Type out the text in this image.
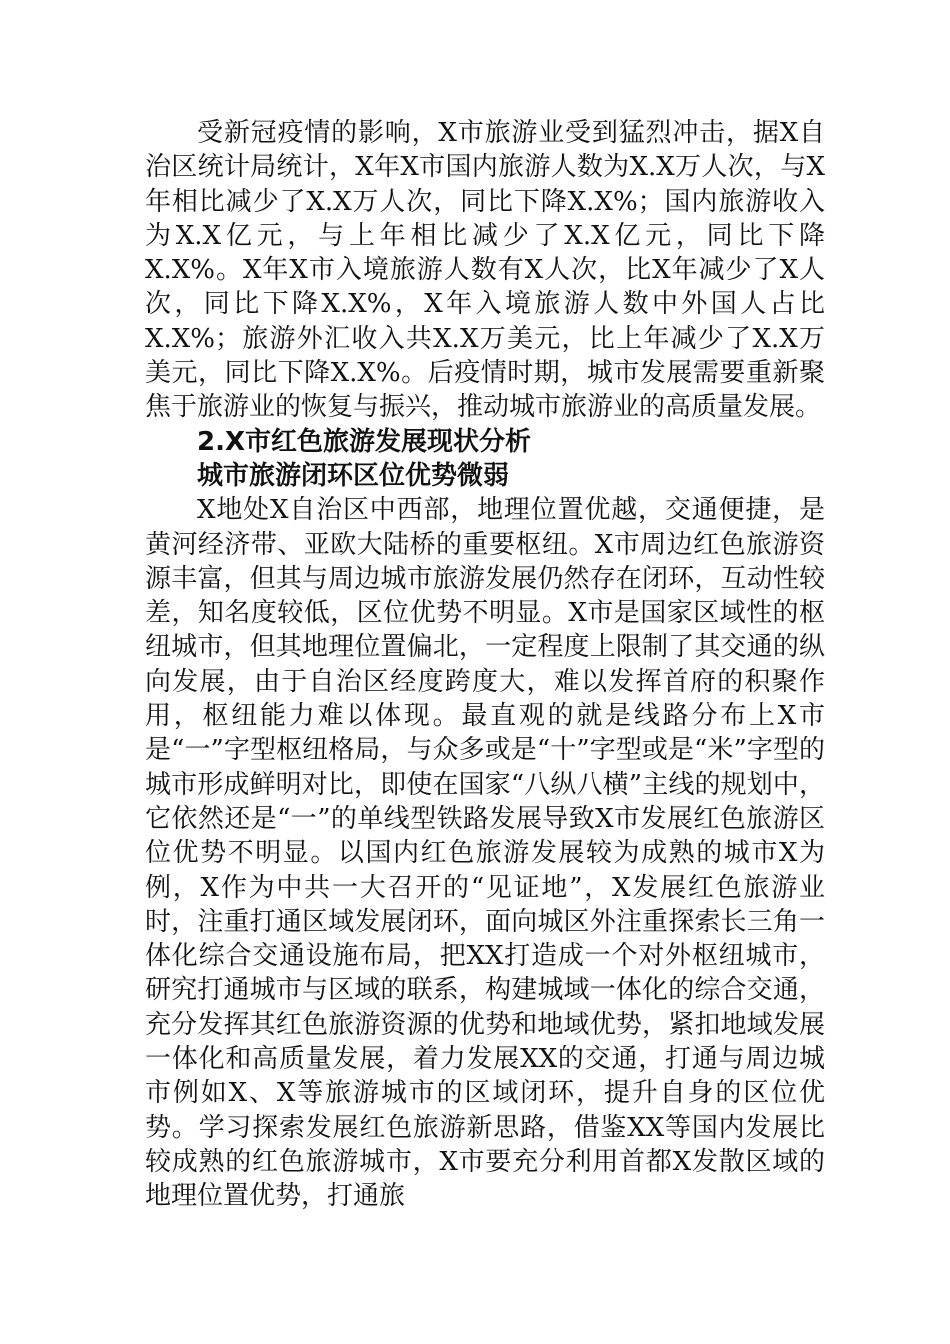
受新冠疫情的影响，X市旅游业受到猛烈冲击，据X自治区统计局统计，X年X市国内旅游人数为X.X万人次，与X年相比减少了X.X万人次，同比下降X.X%；国内旅游收入为X.X亿元，与上年相比减少了X.X亿元，同比下降X.X%。X年X市入境旅游人数有X人次，比X年减少了X人次，同比下降X.X%，X年入境旅游人数中外国人占比X.X%；旅游外汇收入共X.X万美元，比上年减少了X.X万美元，同比下降X.X%。后疫情时期，城市发展需要重新聚焦于旅游业的恢复与振兴，推动城市旅游业的高质量发展。

2.X市红色旅游发展现状分析

城市旅游闭环区位优势微弱

X地处X自治区中西部，地理位置优越，交通便捷，是黄河经济带、亚欧大陆桥的重要枢纽。X市周边红色旅游资源丰富，但其与周边城市旅游发展仍然存在闭环，互动性较差，知名度较低，区位优势不明显。X市是国家区域性的枢纽城市，但其地理位置偏北，一定程度上限制了其交通的纵向发展，由于自治区经度跨度大，难以发挥首府的积聚作用，枢纽能力难以体现。最直观的就是线路分布上X市是“一”字型枢纽格局，与众多或是“十”字型或是“米”字型的城市形成鲜明对比，即使在国家“八纵八横”主线的规划中，它依然还是“一”的单线型铁路发展导致X市发展红色旅游区位优势不明显。以国内红色旅游发展较为成熟的城市X为例，X作为中共一大召开的“见证地”，X发展红色旅游业时，注重打通区域发展闭环，面向城区外注重探索长三角一体化综合交通设施布局，把XX打造成一个对外枢纽城市，研究打通城市与区域的联系，构建城域一体化的综合交通，充分发挥其红色旅游资源的优势和地域优势，紧扣地域发展一体化和高质量发展，着力发展XX的交通，打通与周边城市例如X、X等旅游城市的区域闭环，提升自身的区位优势。学习探索发展红色旅游新思路，借鉴XX等国内发展比较成熟的红色旅游城市，X市要充分利用首都X发散区域的地理位置优势，打通旅
